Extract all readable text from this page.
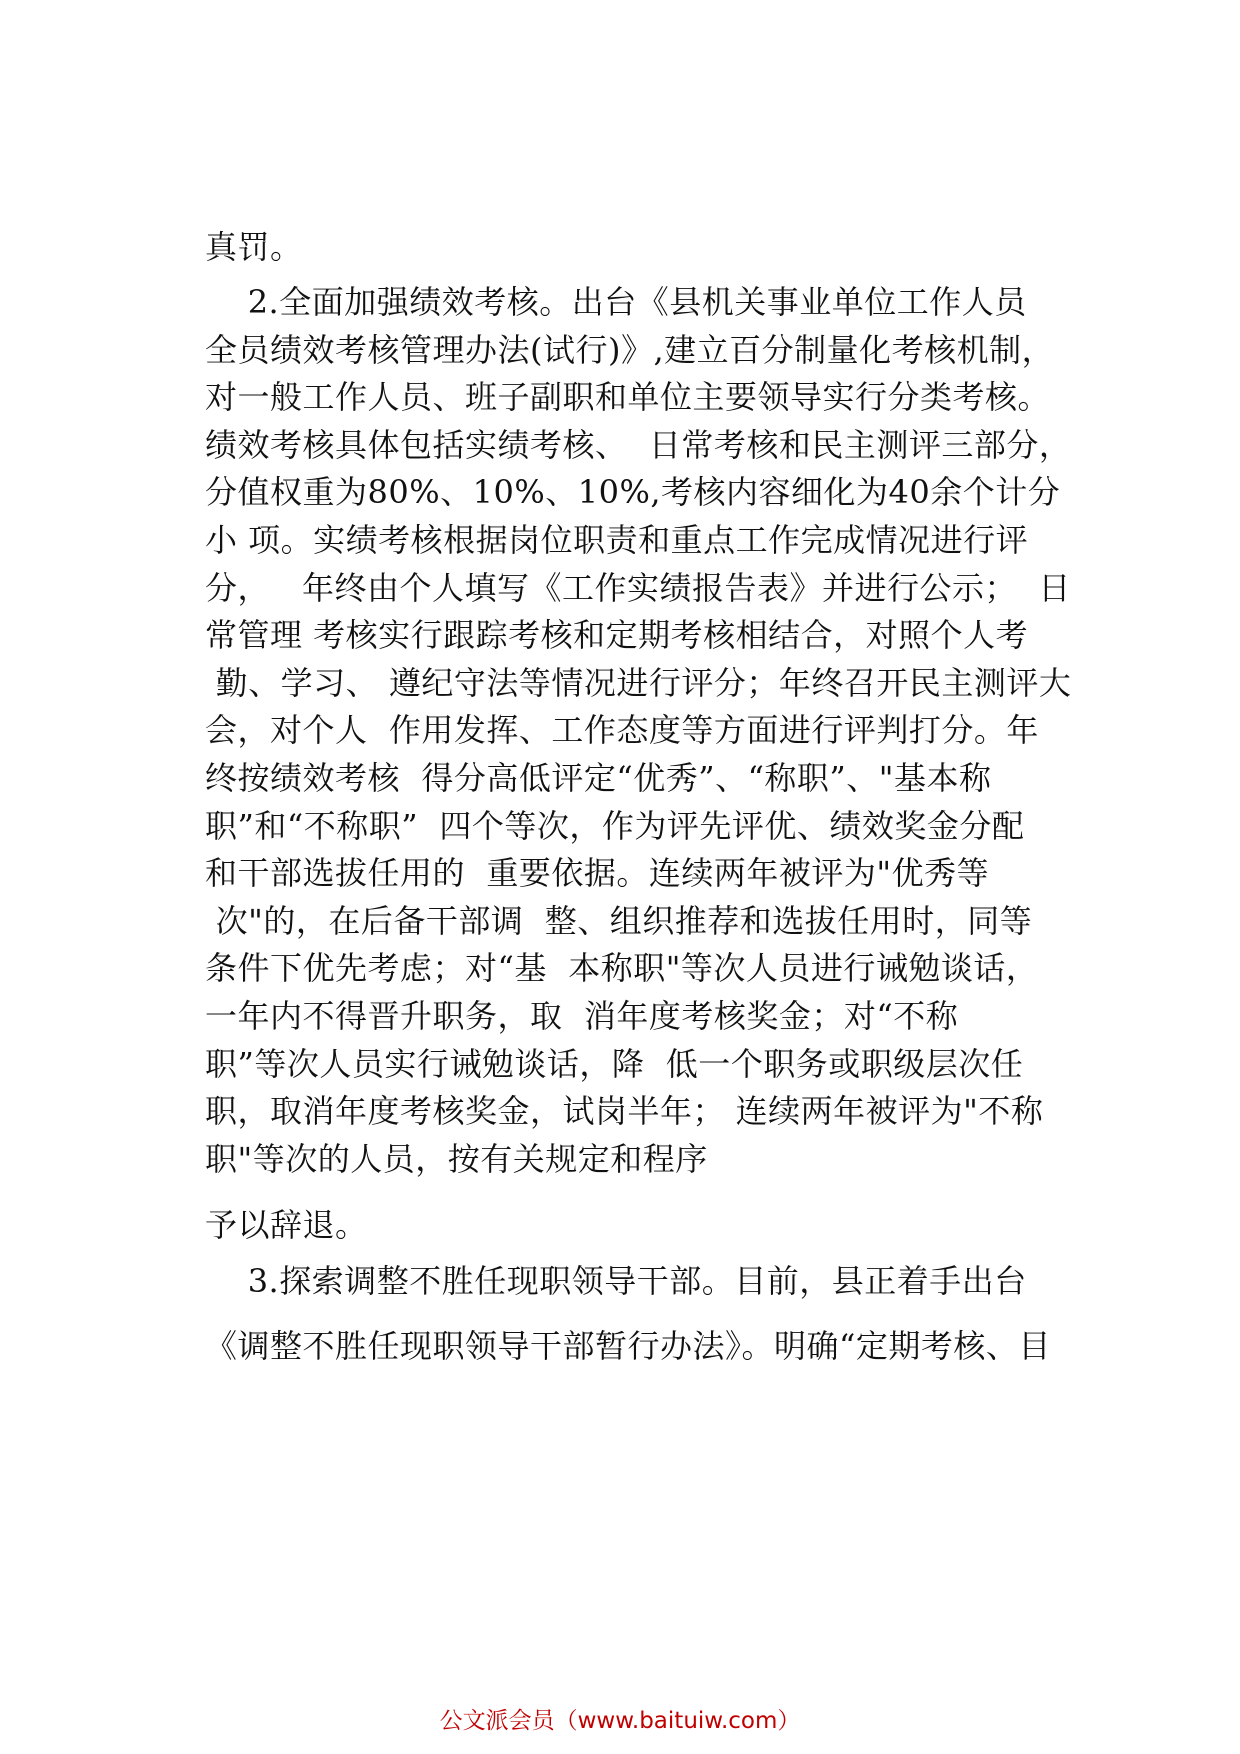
真罚。
2.全面加强绩效考核。出台《县机关事业单位工作人员
全员绩效考核管理办法(试行)》,建立百分制量化考核机制，
对一般工作人员、班子副职和单位主要领导实行分类考核。
绩效考核具体包括实绩考核、  日常考核和民主测评三部分，
分值权重为80%、10%、10%,考核内容细化为40余个计分
小 项。实绩考核根据岗位职责和重点工作完成情况进行评
分，   年终由个人填写《工作实绩报告表》并进行公示；  日
常管理 考核实行跟踪考核和定期考核相结合，对照个人考
勤、学习、 遵纪守法等情况进行评分；年终召开民主测评大
会，对个人  作用发挥、工作态度等方面进行评判打分。年
终按绩效考核  得分高低评定“优秀”、“称职”、"基本称
职”和“不称职”  四个等次，作为评先评优、绩效奖金分配
和干部选拔任用的  重要依据。连续两年被评为"优秀等
次"的，在后备干部调  整、组织推荐和选拔任用时，同等
条件下优先考虑；对“基  本称职"等次人员进行诫勉谈话，
一年内不得晋升职务，取  消年度考核奖金；对“不称
职”等次人员实行诫勉谈话，降  低一个职务或职级层次任
职，取消年度考核奖金，试岗半年； 连续两年被评为"不称
职"等次的人员，按有关规定和程序
予以辞退。
3.探索调整不胜任现职领导干部。目前，县正着手出台
《调整不胜任现职领导干部暂行办法》。明确“定期考核、目
公文派会员（www.baituiw.com）
